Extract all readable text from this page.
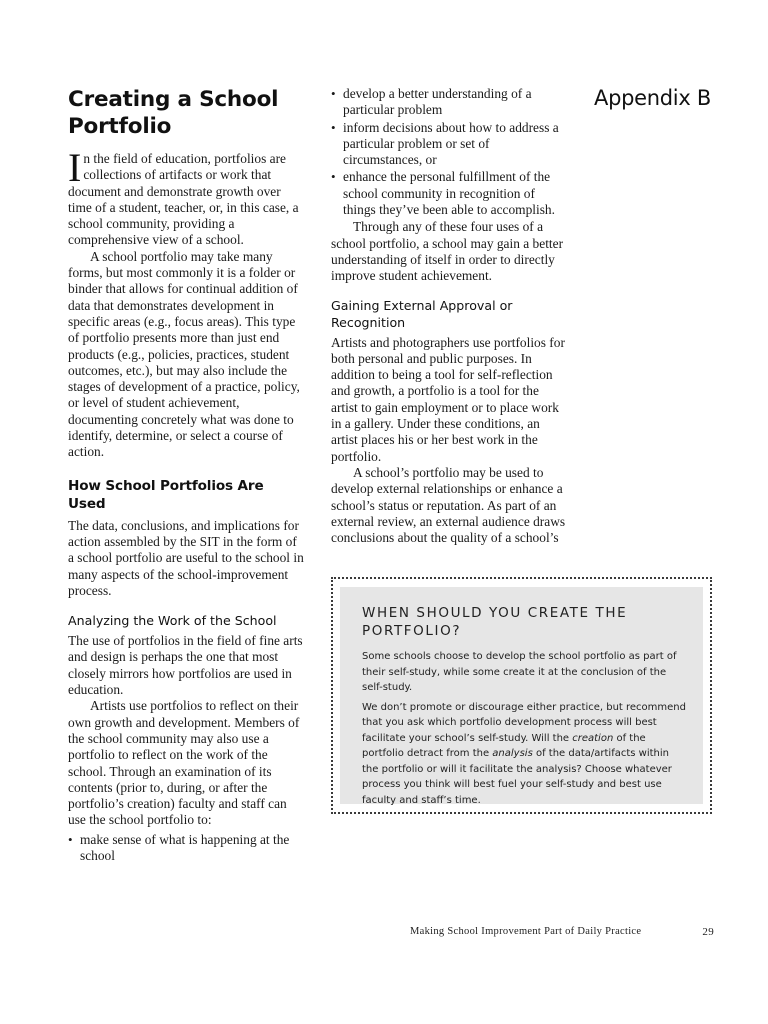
Appendix B
Creating a School Portfolio

In the field of education, portfolios are collections of artifacts or work that document and demonstrate growth over time of a student, teacher, or, in this case, a school community, providing a comprehensive view of a school.

A school portfolio may take many forms, but most commonly it is a folder or binder that allows for continual addition of data that demonstrates development in specific areas (e.g., focus areas). This type of portfolio presents more than just end products (e.g., policies, practices, student outcomes, etc.), but may also include the stages of development of a practice, policy, or level of student achievement, documenting concretely what was done to identify, determine, or select a course of action.

How School Portfolios Are Used

The data, conclusions, and implications for action assembled by the SIT in the form of a school portfolio are useful to the school in many aspects of the school-improvement process.

Analyzing the Work of the School

The use of portfolios in the field of fine arts and design is perhaps the one that most closely mirrors how portfolios are used in education.

Artists use portfolios to reflect on their own growth and development. Members of the school community may also use a portfolio to reflect on the work of the school. Through an examination of its contents (prior to, during, or after the portfolio’s creation) faculty and staff can use the school portfolio to:

• make sense of what is happening at the school
• develop a better understanding of a particular problem
• inform decisions about how to address a particular problem or set of circumstances, or
• enhance the personal fulfillment of the school community in recognition of things they’ve been able to accomplish.

Through any of these four uses of a school portfolio, a school may gain a better understanding of itself in order to directly improve student achievement.

Gaining External Approval or Recognition

Artists and photographers use portfolios for both personal and public purposes. In addition to being a tool for self-reflection and growth, a portfolio is a tool for the artist to gain employment or to place work in a gallery. Under these conditions, an artist places his or her best work in the portfolio.

A school’s portfolio may be used to develop external relationships or enhance a school’s status or reputation. As part of an external review, an external audience draws conclusions about the quality of a school’s

WHEN SHOULD YOU CREATE THE PORTFOLIO?

Some schools choose to develop the school portfolio as part of their self-study, while some create it at the conclusion of the self-study.

We don’t promote or discourage either practice, but recommend that you ask which portfolio development process will best facilitate your school’s self-study. Will the creation of the portfolio detract from the analysis of the data/artifacts within the portfolio or will it facilitate the analysis? Choose whatever process you think will best fuel your self-study and best use faculty and staff’s time.

Making School Improvement Part of Daily Practice	29
